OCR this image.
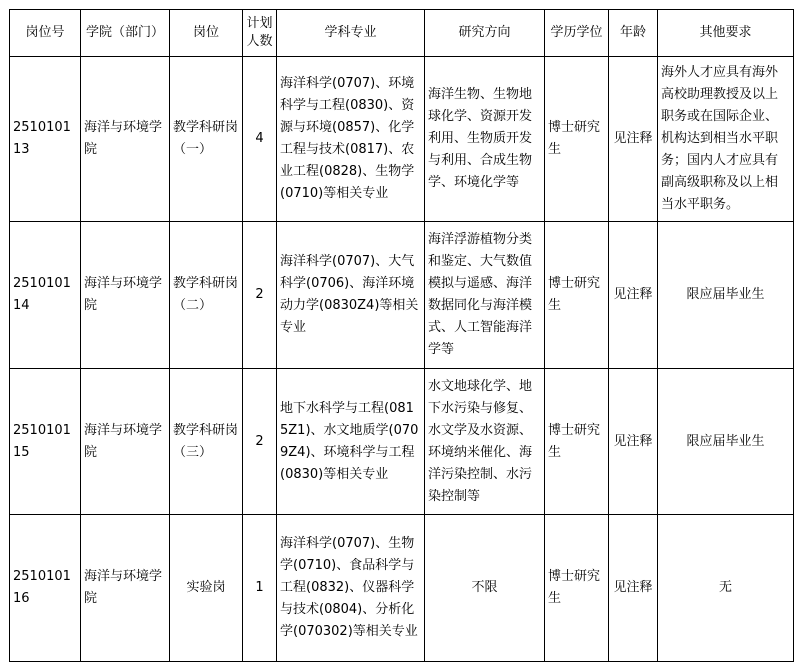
岗位号	学院（部门）	岗位	计划人数	学科专业	研究方向	学历学位	年龄	其他要求
251010113	海洋与环境学院	教学科研岗（一）	4	海洋科学(0707)、环境科学与工程(0830)、资源与环境(0857)、化学工程与技术(0817)、农业工程(0828)、生物学(0710)等相关专业	海洋生物、生物地球化学、资源开发利用、生物质开发与利用、合成生物学、环境化学等	博士研究生	见注释	海外人才应具有海外高校助理教授及以上职务或在国际企业、机构达到相当水平职务；国内人才应具有副高级职称及以上相当水平职务。
251010114	海洋与环境学院	教学科研岗（二）	2	海洋科学(0707)、大气科学(0706)、海洋环境动力学(0830Z4)等相关专业	海洋浮游植物分类和鉴定、大气数值模拟与遥感、海洋数据同化与海洋模式、人工智能海洋学等	博士研究生	见注释	限应届毕业生
251010115	海洋与环境学院	教学科研岗（三）	2	地下水科学与工程(0815Z1)、水文地质学(0709Z4)、环境科学与工程(0830)等相关专业	水文地球化学、地下水污染与修复、水文学及水资源、环境纳米催化、海洋污染控制、水污染控制等	博士研究生	见注释	限应届毕业生
251010116	海洋与环境学院	实验岗	1	海洋科学(0707)、生物学(0710)、食品科学与工程(0832)、仪器科学与技术(0804)、分析化学(070302)等相关专业	不限	博士研究生	见注释	无
